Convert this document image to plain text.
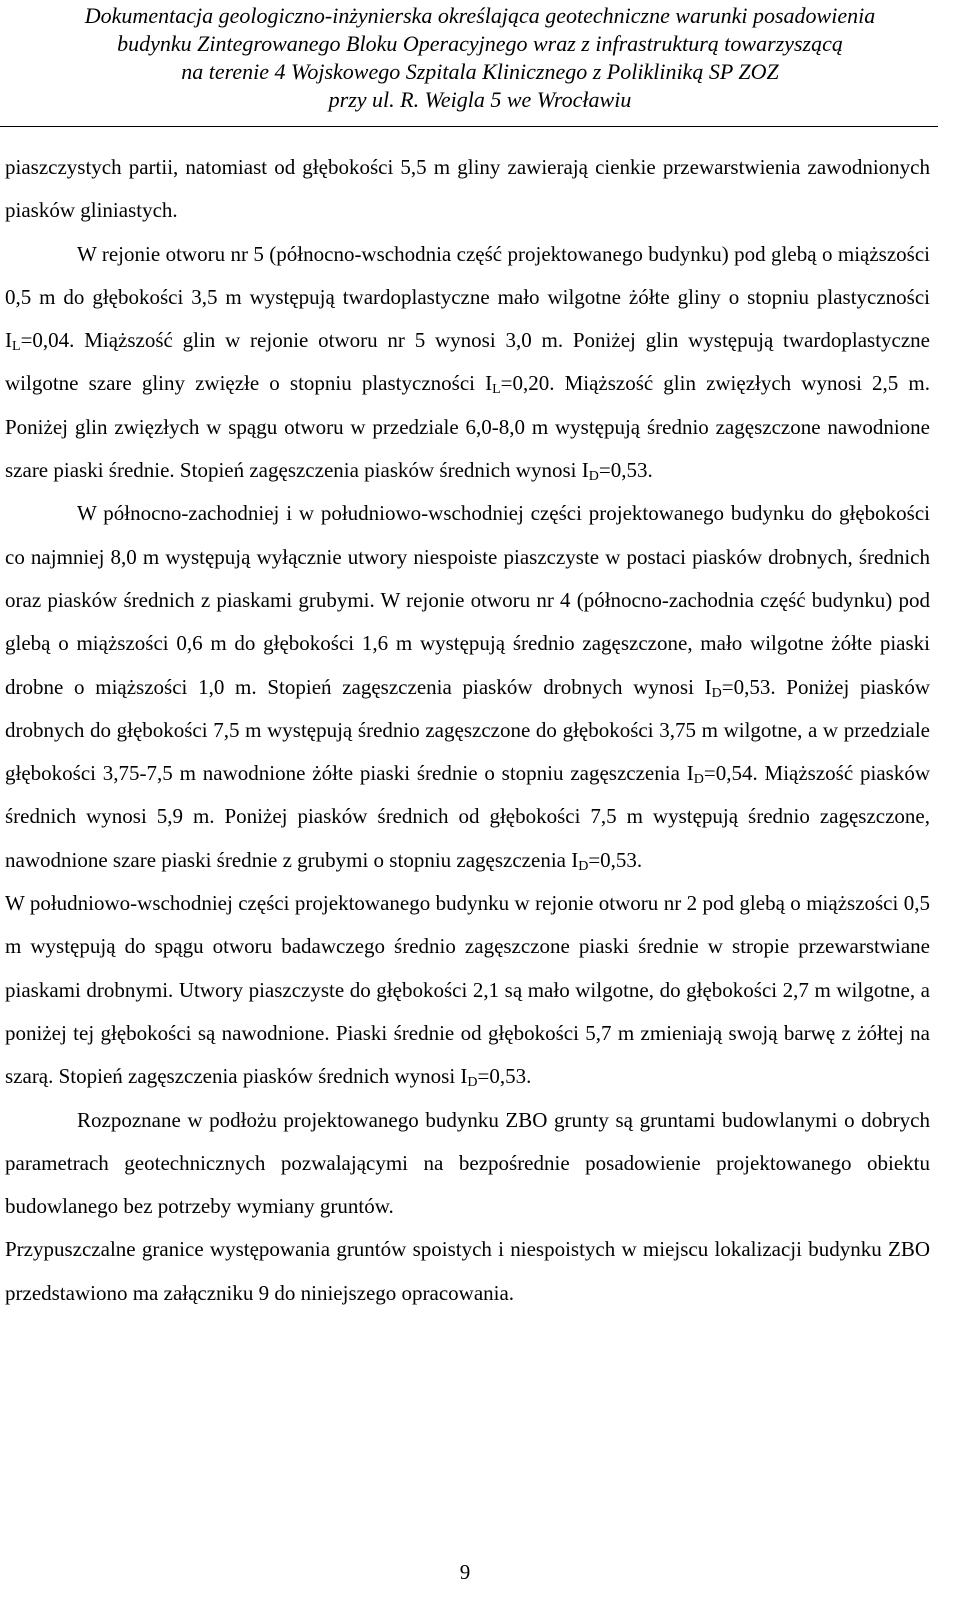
Dokumentacja geologiczno-inżynierska określająca geotechniczne warunki posadowienia
budynku Zintegrowanego Bloku Operacyjnego wraz z infrastrukturą towarzyszącą
na terenie 4 Wojskowego Szpitala Klinicznego z Polikliniką SP ZOZ
przy ul. R. Weigla 5 we Wrocławiu

piaszczystych partii, natomiast od głębokości 5,5 m gliny zawierają cienkie przewarstwienia zawodnionych piasków gliniastych.

W rejonie otworu nr 5 (północno-wschodnia część projektowanego budynku) pod glebą o miąższości 0,5 m do głębokości 3,5 m występują twardoplastyczne mało wilgotne żółte gliny o stopniu plastyczności $I_L=0,04$. Miąższość glin w rejonie otworu nr 5 wynosi 3,0 m. Poniżej glin występują twardoplastyczne wilgotne szare gliny zwięzłe o stopniu plastyczności $I_L=0,20$. Miąższość glin zwięzłych wynosi 2,5 m. Poniżej glin zwięzłych w spągu otworu w przedziale 6,0-8,0 m występują średnio zagęszczone nawodnione szare piaski średnie. Stopień zagęszczenia piasków średnich wynosi $I_D=0,53$.

W północno-zachodniej i w południowo-wschodniej części projektowanego budynku do głębokości co najmniej 8,0 m występują wyłącznie utwory niespoiste piaszczyste w postaci piasków drobnych, średnich oraz piasków średnich z piaskami grubymi. W rejonie otworu nr 4 (północno-zachodnia część budynku) pod glebą o miąższości 0,6 m do głębokości 1,6 m występują średnio zagęszczone, mało wilgotne żółte piaski drobne o miąższości 1,0 m. Stopień zagęszczenia piasków drobnych wynosi $I_D=0,53$. Poniżej piasków drobnych do głębokości 7,5 m występują średnio zagęszczone do głębokości 3,75 m wilgotne, a w przedziale głębokości 3,75-7,5 m nawodnione żółte piaski średnie o stopniu zagęszczenia $I_D=0,54$. Miąższość piasków średnich wynosi 5,9 m. Poniżej piasków średnich od głębokości 7,5 m występują średnio zagęszczone, nawodnione szare piaski średnie z grubymi o stopniu zagęszczenia $I_D=0,53$.

W południowo-wschodniej części projektowanego budynku w rejonie otworu nr 2 pod glebą o miąższości 0,5 m występują do spągu otworu badawczego średnio zagęszczone piaski średnie w stropie przewarstwiane piaskami drobnymi. Utwory piaszczyste do głębokości 2,1 są mało wilgotne, do głębokości 2,7 m wilgotne, a poniżej tej głębokości są nawodnione. Piaski średnie od głębokości 5,7 m zmieniają swoją barwę z żółtej na szarą. Stopień zagęszczenia piasków średnich wynosi $I_D=0,53$.

Rozpoznane w podłożu projektowanego budynku ZBO grunty są gruntami budowlanymi o dobrych parametrach geotechnicznych pozwalającymi na bezpośrednie posadowienie projektowanego obiektu budowlanego bez potrzeby wymiany gruntów.

Przypuszczalne granice występowania gruntów spoistych i niespoistych w miejscu lokalizacji budynku ZBO przedstawiono ma załączniku 9 do niniejszego opracowania.

9
